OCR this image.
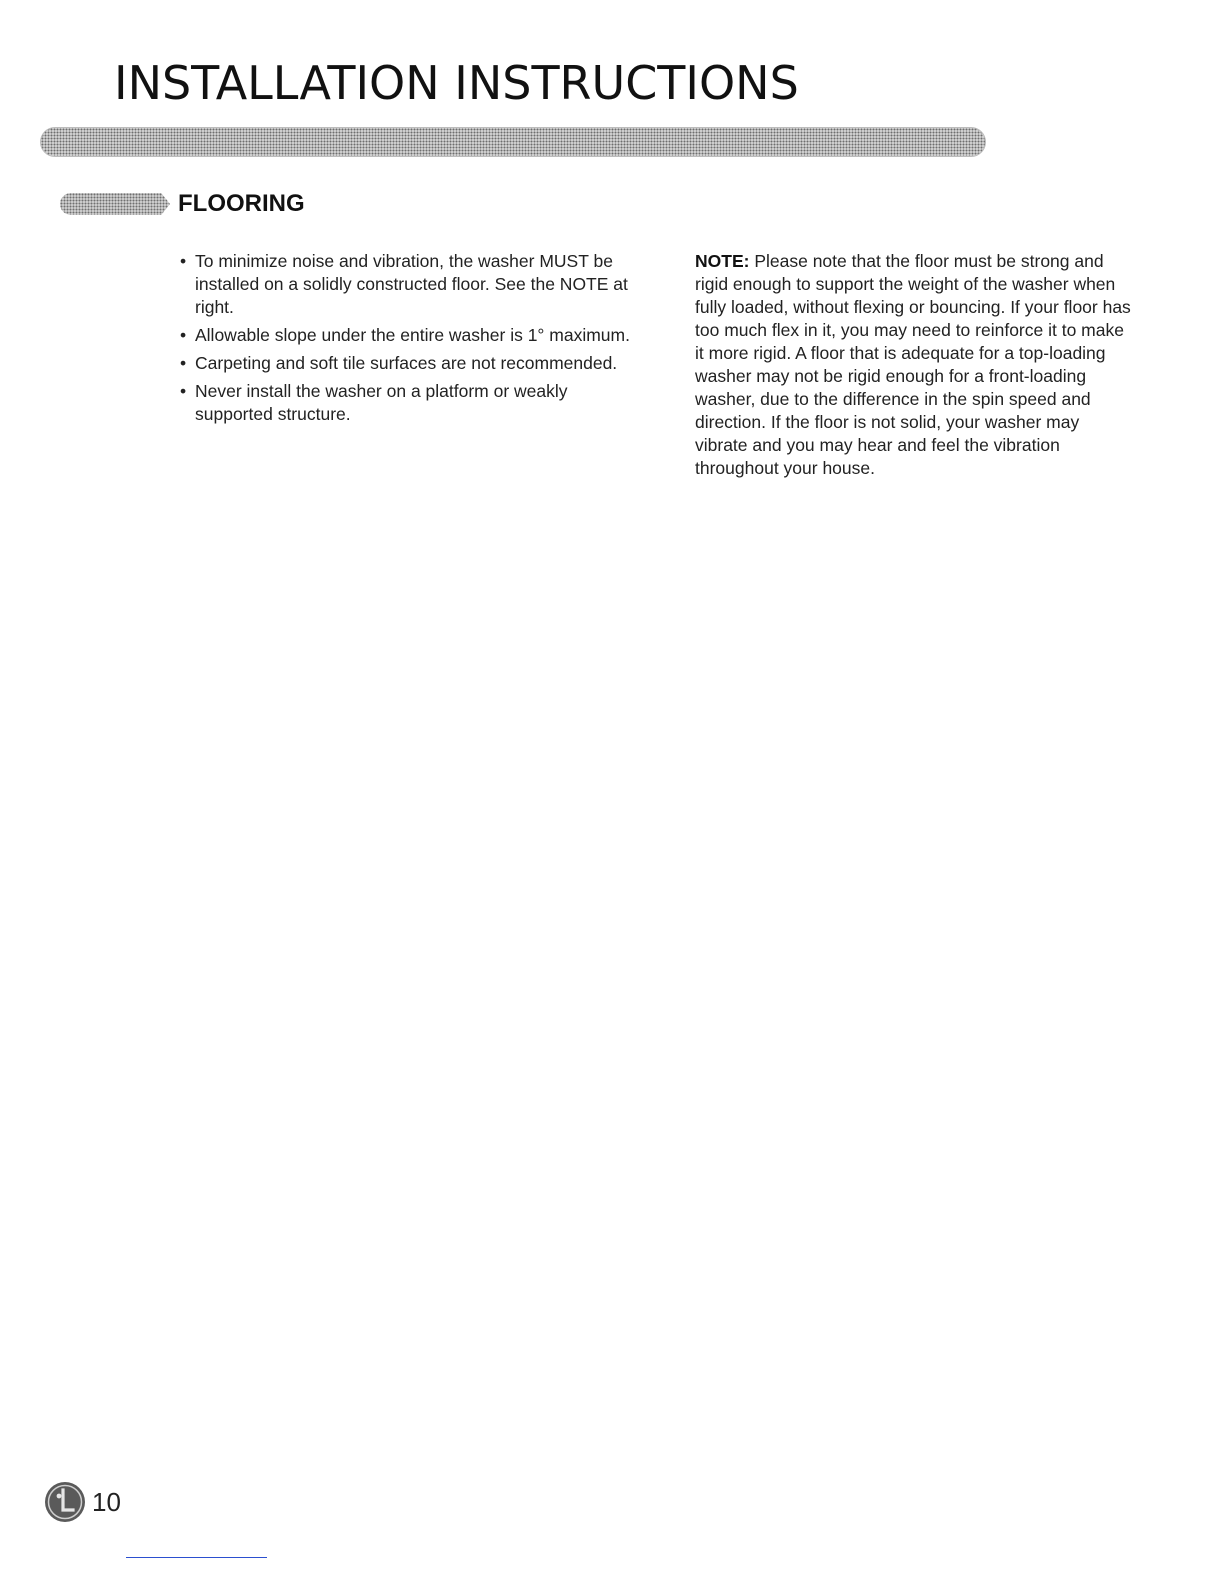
INSTALLATION INSTRUCTIONS
FLOORING
• To minimize noise and vibration, the washer MUST be installed on a solidly constructed floor. See the NOTE at right.
• Allowable slope under the entire washer is 1° maximum.
• Carpeting and soft tile surfaces are not recommended.
• Never install the washer on a platform or weakly supported structure.

NOTE: Please note that the floor must be strong and rigid enough to support the weight of the washer when fully loaded, without flexing or bouncing. If your floor has too much flex in it, you may need to reinforce it to make it more rigid. A floor that is adequate for a top-loading washer may not be rigid enough for a front-loading washer, due to the difference in the spin speed and direction. If the floor is not solid, your washer may vibrate and you may hear and feel the vibration throughout your house.

10
